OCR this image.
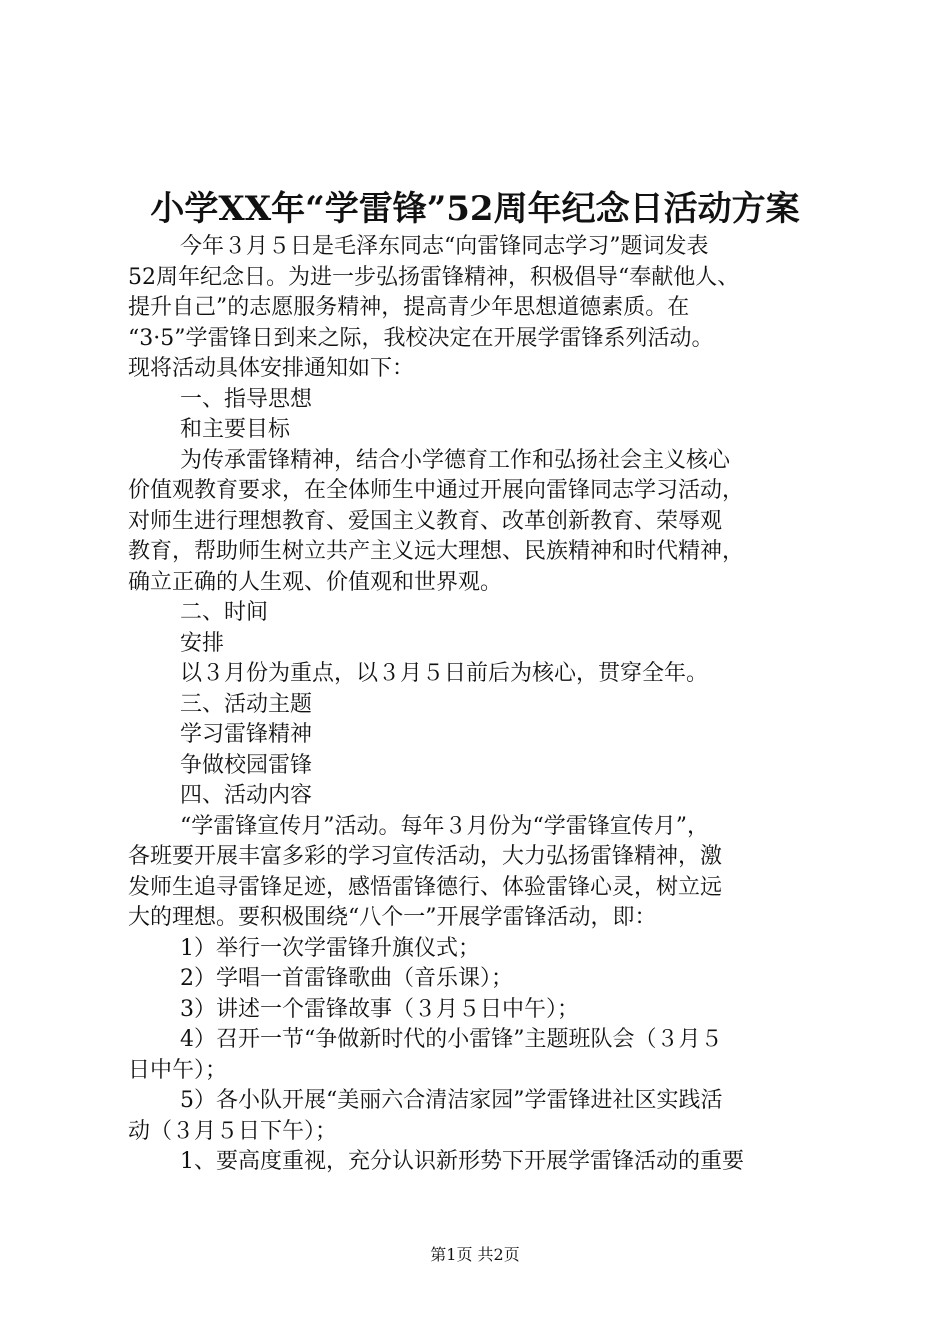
小学XX年“学雷锋”52周年纪念日活动方案
今年３月５日是毛泽东同志“向雷锋同志学习”题词发表
52周年纪念日。为进一步弘扬雷锋精神，积极倡导“奉献他人、
提升自己”的志愿服务精神，提高青少年思想道德素质。在
“3·5”学雷锋日到来之际，我校决定在开展学雷锋系列活动。
现将活动具体安排通知如下：
一、指导思想
和主要目标
为传承雷锋精神，结合小学德育工作和弘扬社会主义核心
价值观教育要求，在全体师生中通过开展向雷锋同志学习活动，
对师生进行理想教育、爱国主义教育、改革创新教育、荣辱观
教育，帮助师生树立共产主义远大理想、民族精神和时代精神，
确立正确的人生观、价值观和世界观。
二、时间
安排
以３月份为重点，以３月５日前后为核心，贯穿全年。
三、活动主题
学习雷锋精神
争做校园雷锋
四、活动内容
“学雷锋宣传月”活动。每年３月份为“学雷锋宣传月”，
各班要开展丰富多彩的学习宣传活动，大力弘扬雷锋精神，激
发师生追寻雷锋足迹，感悟雷锋德行、体验雷锋心灵，树立远
大的理想。要积极围绕“八个一”开展学雷锋活动，即：
1）举行一次学雷锋升旗仪式；
2）学唱一首雷锋歌曲（音乐课）；
3）讲述一个雷锋故事（３月５日中午）；
4）召开一节“争做新时代的小雷锋”主题班队会（３月５
日中午）；
5）各小队开展“美丽六合清洁家园”学雷锋进社区实践活
动（３月５日下午）；
1、要高度重视，充分认识新形势下开展学雷锋活动的重要

第1页 共2页
